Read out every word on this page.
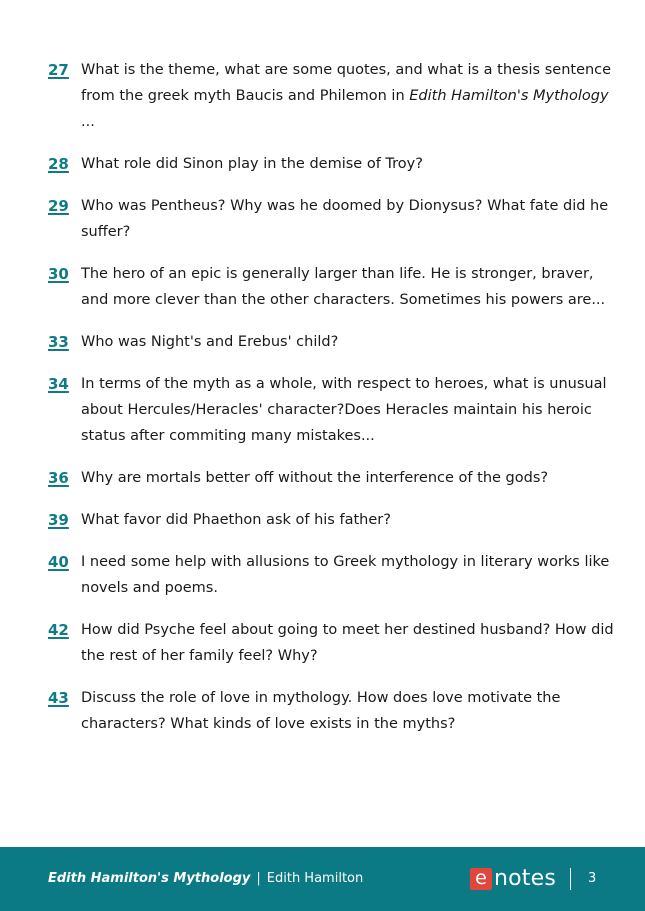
27 What is the theme, what are some quotes, and what is a thesis sentence from the greek myth Baucis and Philemon in Edith Hamilton's Mythology ...
28 What role did Sinon play in the demise of Troy?
29 Who was Pentheus? Why was he doomed by Dionysus? What fate did he suffer?
30 The hero of an epic is generally larger than life. He is stronger, braver, and more clever than the other characters. Sometimes his powers are...
33 Who was Night's and Erebus' child?
34 In terms of the myth as a whole, with respect to heroes, what is unusual about Hercules/Heracles' character?Does Heracles maintain his heroic status after commiting many mistakes...
36 Why are mortals better off without the interference of the gods?
39 What favor did Phaethon ask of his father?
40 I need some help with allusions to Greek mythology in literary works like novels and poems.
42 How did Psyche feel about going to meet her destined husband? How did the rest of her family feel? Why?
43 Discuss the role of love in mythology. How does love motivate the characters? What kinds of love exists in the myths?
Edith Hamilton's Mythology | Edith Hamilton	e notes 3
